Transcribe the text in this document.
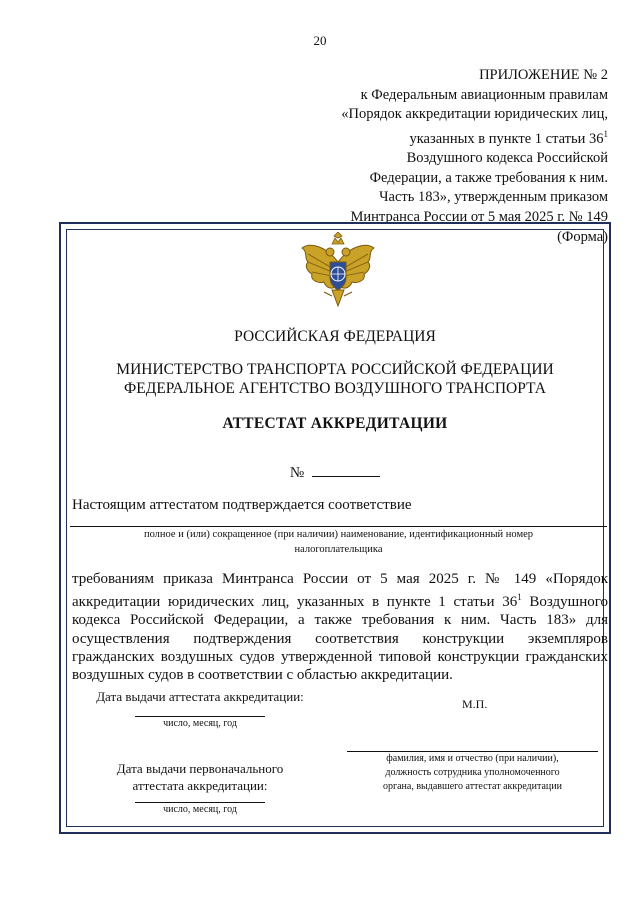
20
ПРИЛОЖЕНИЕ № 2
к Федеральным авиационным правилам
«Порядок аккредитации юридических лиц,
указанных в пункте 1 статьи $36^1$
Воздушного кодекса Российской
Федерации, а также требования к ним.
Часть 183», утвержденным приказом
Минтранса России от 5 мая 2025 г. № 149
(Форма)
РОССИЙСКАЯ ФЕДЕРАЦИЯ
МИНИСТЕРСТВО ТРАНСПОРТА РОССИЙСКОЙ ФЕДЕРАЦИИ
ФЕДЕРАЛЬНОЕ АГЕНТСТВО ВОЗДУШНОГО ТРАНСПОРТА
АТТЕСТАТ АККРЕДИТАЦИИ
№
Настоящим аттестатом подтверждается соответствие
полное и (или) сокращенное (при наличии) наименование, идентификационный номер
налогоплательщика
требованиям приказа Минтранса России от 5 мая 2025 г. № 149 «Порядок аккредитации юридических лиц, указанных в пункте 1 статьи $36^1$ Воздушного кодекса Российской Федерации, а также требования к ним. Часть 183» для осуществления подтверждения соответствия конструкции экземпляров гражданских воздушных судов утвержденной типовой конструкции гражданских воздушных судов в соответствии с областью аккредитации.
Дата выдачи аттестата аккредитации:
число, месяц, год
Дата выдачи первоначального
аттестата аккредитации:
число, месяц, год
М.П.
фамилия, имя и отчество (при наличии),
должность сотрудника уполномоченного
органа, выдавшего аттестат аккредитации
